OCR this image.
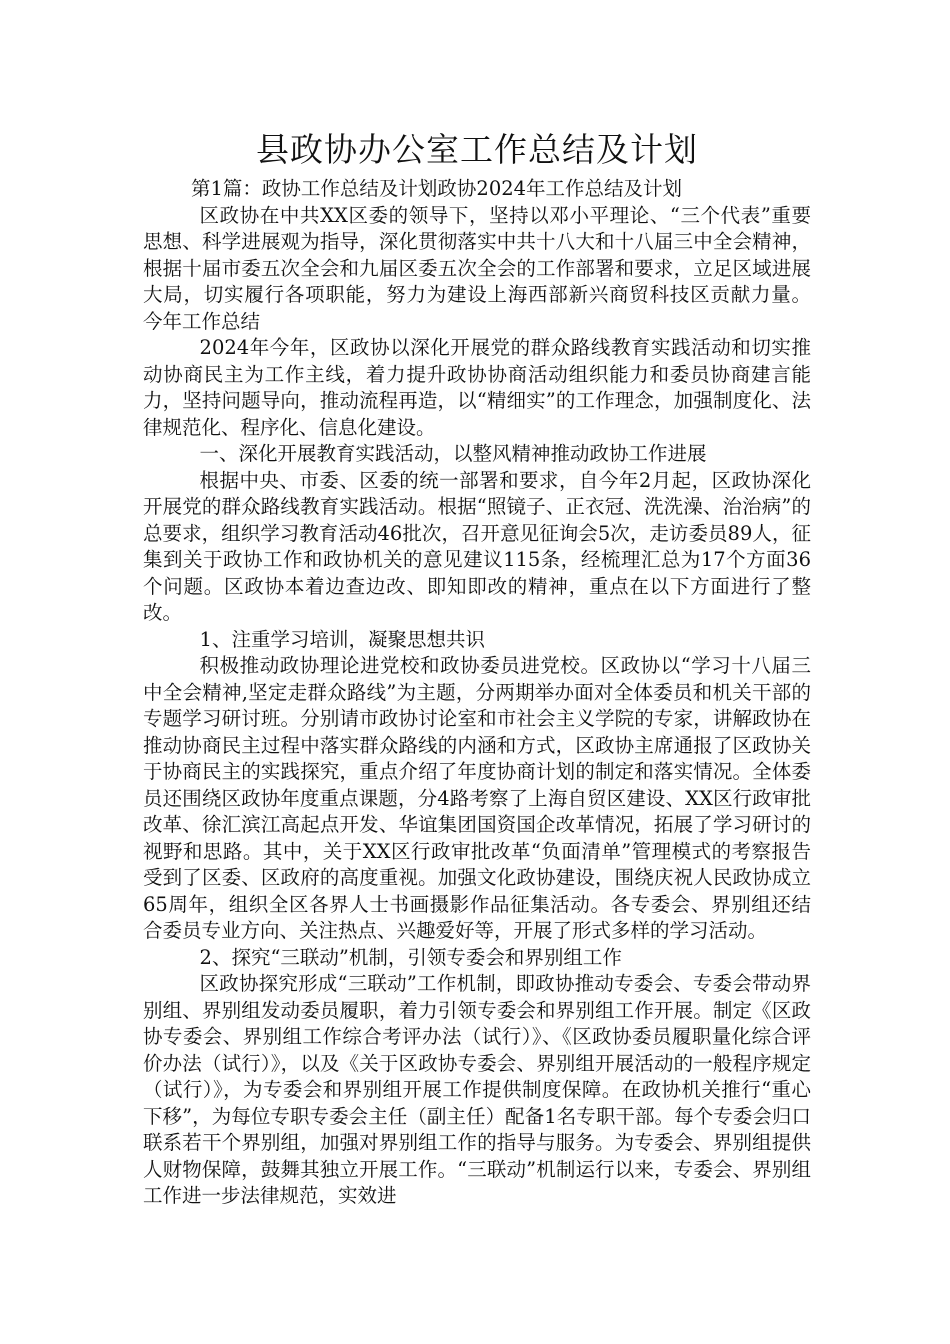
县政协办公室工作总结及计划

第1篇：政协工作总结及计划政协2024年工作总结及计划

区政协在中共XX区委的领导下，坚持以邓小平理论、“三个代表”重要思想、科学进展观为指导，深化贯彻落实中共十八大和十八届三中全会精神，根据十届市委五次全会和九届区委五次全会的工作部署和要求，立足区域进展大局，切实履行各项职能，努力为建设上海西部新兴商贸科技区贡献力量。 今年工作总结

2024年今年，区政协以深化开展党的群众路线教育实践活动和切实推动协商民主为工作主线，着力提升政协协商活动组织能力和委员协商建言能力，坚持问题导向，推动流程再造，以“精细实”的工作理念，加强制度化、法律规范化、程序化、信息化建设。

一、深化开展教育实践活动，以整风精神推动政协工作进展

根据中央、市委、区委的统一部署和要求，自今年2月起，区政协深化开展党的群众路线教育实践活动。根据“照镜子、正衣冠、洗洗澡、治治病”的总要求，组织学习教育活动46批次，召开意见征询会5次，走访委员89人，征集到关于政协工作和政协机关的意见建议115条，经梳理汇总为17个方面36个问题。区政协本着边查边改、即知即改的精神，重点在以下方面进行了整改。

1、注重学习培训，凝聚思想共识

积极推动政协理论进党校和政协委员进党校。区政协以“学习十八届三中全会精神,坚定走群众路线”为主题，分两期举办面对全体委员和机关干部的专题学习研讨班。分别请市政协讨论室和市社会主义学院的专家，讲解政协在推动协商民主过程中落实群众路线的内涵和方式，区政协主席通报了区政协关于协商民主的实践探究，重点介绍了年度协商计划的制定和落实情况。全体委员还围绕区政协年度重点课题，分4路考察了上海自贸区建设、XX区行政审批改革、徐汇滨江高起点开发、华谊集团国资国企改革情况，拓展了学习研讨的视野和思路。其中，关于XX区行政审批改革“负面清单”管理模式的考察报告受到了区委、区政府的高度重视。加强文化政协建设，围绕庆祝人民政协成立65周年，组织全区各界人士书画摄影作品征集活动。各专委会、界别组还结合委员专业方向、关注热点、兴趣爱好等，开展了形式多样的学习活动。

2、探究“三联动”机制，引领专委会和界别组工作

区政协探究形成“三联动”工作机制，即政协推动专委会、专委会带动界别组、界别组发动委员履职，着力引领专委会和界别组工作开展。制定《区政协专委会、界别组工作综合考评办法（试行）》、《区政协委员履职量化综合评价办法（试行）》，以及《关于区政协专委会、界别组开展活动的一般程序规定（试行）》，为专委会和界别组开展工作提供制度保障。在政协机关推行“重心下移”，为每位专职专委会主任（副主任）配备1名专职干部。每个专委会归口联系若干个界别组，加强对界别组工作的指导与服务。为专委会、界别组提供人财物保障，鼓舞其独立开展工作。“三联动”机制运行以来，专委会、界别组工作进一步法律规范，实效进
